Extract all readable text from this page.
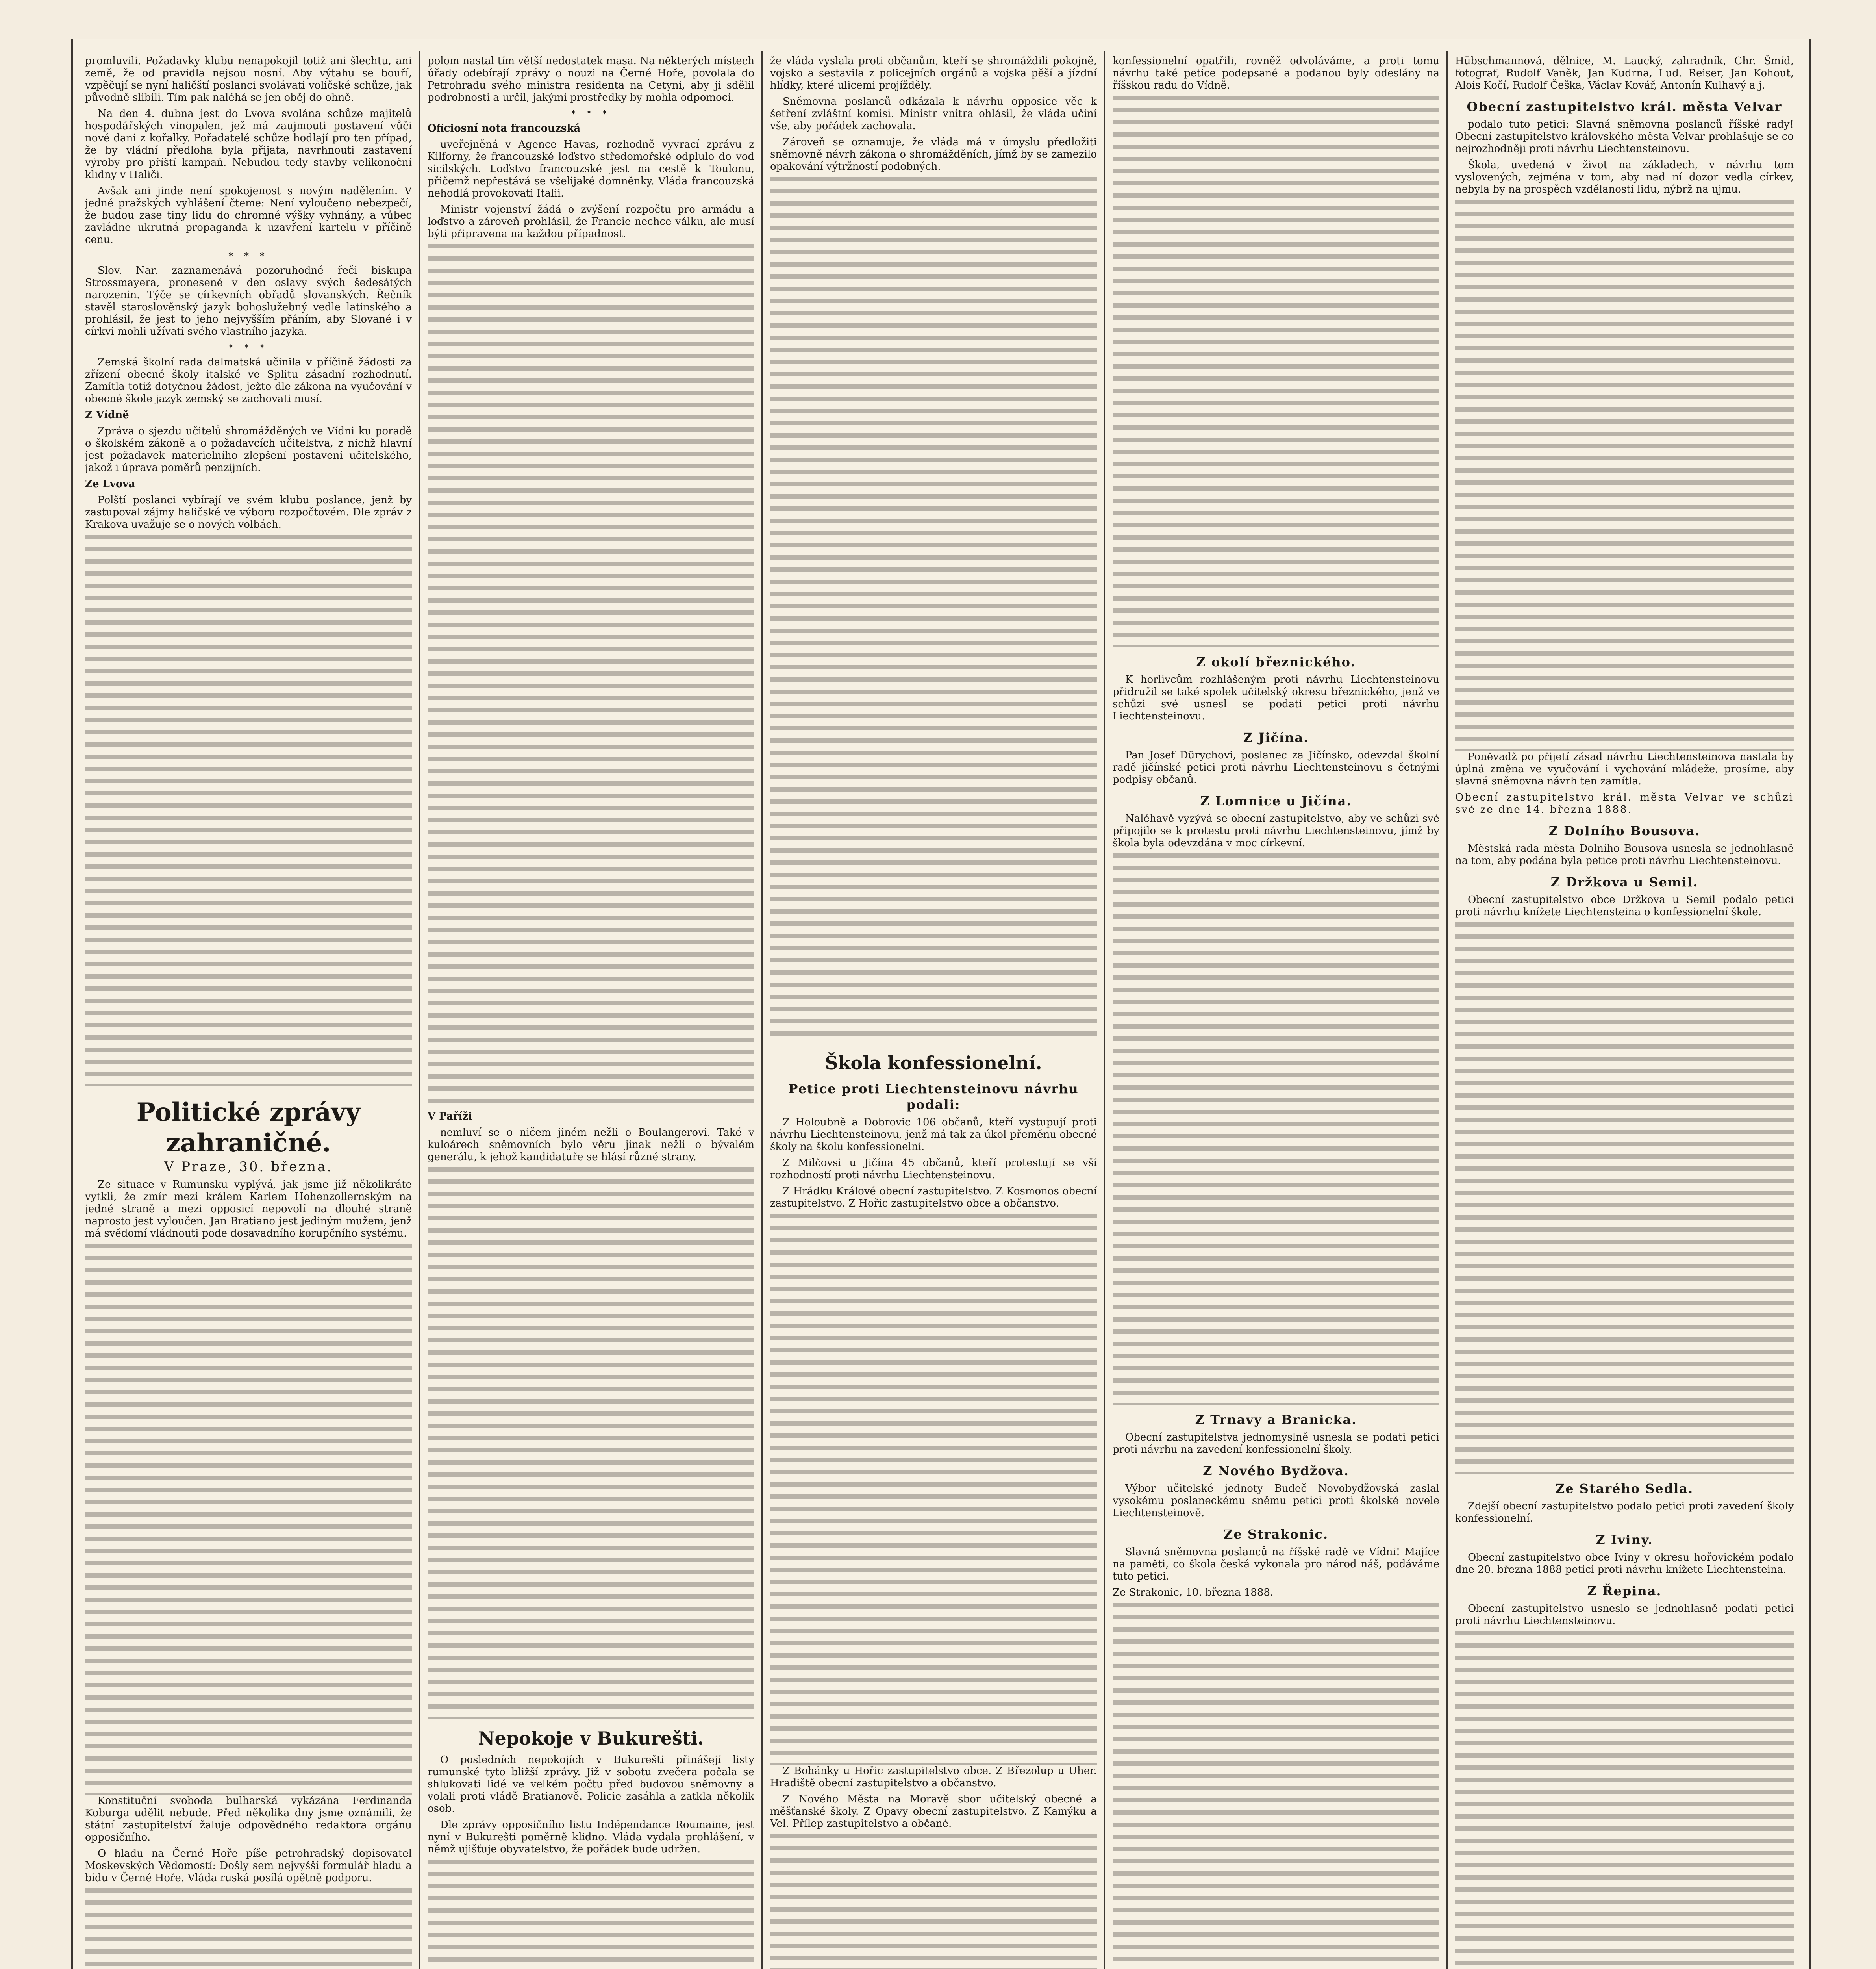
promluvili. Požadavky klubu nenapokojil totiž ani šlechtu, ani země, že od pravidla nejsou nosní. Aby výtahu se bouří, vzpěčují se nyní haličští poslanci svolávati voličské schůze, jak původně slibili. Tím pak naléhá se jen oběj do ohně.

Na den 4. dubna jest do Lvova svolána schůze majitelů hospodářských vinopalen, jež má zaujmouti postavení vůči nové dani z kořalky. Pořadatelé schůze hodlají pro ten případ, že by vládní předloha byla přijata, navrhnouti zastavení výroby pro příští kampaň. Nebudou tedy stavby velikonoční klidny v Haliči.

Avšak ani jinde není spokojenost s novým nadělením. V jedné pražských vyhlášení čteme: Není vyloučeno nebezpečí, že budou zase tiny lidu do chromné výšky vyhnány, a vůbec zavládne ukrutná propaganda k uzavření kartelu v příčině cenu.

* * *

Slov. Nar. zaznamenává pozoruhodné řeči biskupa Strossmayera, pronesené v den oslavy svých šedesátých narozenin. Týče se církevních obřadů slovanských. Řečník stavěl staroslověnský jazyk bohoslužebný vedle latinského a prohlásil, že jest to jeho nejvyšším přáním, aby Slované i v církvi mohli užívati svého vlastního jazyka.

* * *

Zemská školní rada dalmatská učinila v příčině žádosti za zřízení obecné školy italské ve Splitu zásadní rozhodnutí. Zamítla totiž dotyčnou žádost, ježto dle zákona na vyučování v obecné škole jazyk zemský se zachovati musí.

Z Vídně

Zpráva o sjezdu učitelů shromážděných ve Vídni ku poradě o školském zákoně a o požadavcích učitelstva, z nichž hlavní jest požadavek materielního zlepšení postavení učitelského, jakož i úprava poměrů penzijních.

Ze Lvova

Polští poslanci vybírají ve svém klubu poslance, jenž by zastupoval zájmy haličské ve výboru rozpočtovém. Dle zpráv z Krakova uvažuje se o nových volbách.

Politické zprávy zahraničné.
V Praze, 30. března.

Ze situace v Rumunsku vyplývá, jak jsme již několikráte vytkli, že zmír mezi králem Karlem Hohenzollernským na jedné straně a mezi opposicí nepovolí na dlouhé straně naprosto jest vyloučen. Jan Bratiano jest jediným mužem, jenž má svědomí vládnouti pode dosavadního korupčního systému.

Konstituční svoboda bulharská vykázána Ferdinanda Koburga udělit nebude. Před několika dny jsme oznámili, že státní zastupitelství žaluje odpovědného redaktora orgánu opposičního.

O hladu na Černé Hoře píše petrohradský dopisovatel Moskevských Vědomostí: Došly sem nejvyšší formulář hladu a bídu v Černé Hoře. Vláda ruská posílá opětně podporu.

polom nastal tím větší nedostatek masa. Na některých místech úřady odebírají zprávy o nouzi na Černé Hoře, povolala do Petrohradu svého ministra residenta na Cetyni, aby ji sdělil podrobnosti a určil, jakými prostředky by mohla odpomoci.

* * *

Oficiosní nota francouzská

uveřejněná v Agence Havas, rozhodně vyvrací zprávu z Kilforny, že francouzské loďstvo středomořské odplulo do vod sicilských. Loďstvo francouzské jest na cestě k Toulonu, přičemž nepřestává se všelijaké domněnky. Vláda francouzská nehodlá provokovati Italii.

Ministr vojenství žádá o zvýšení rozpočtu pro armádu a loďstvo a zároveň prohlásil, že Francie nechce válku, ale musí býti připravena na každou případnost.

V Paříži

nemluví se o ničem jiném nežli o Boulangerovi. Také v kuloárech sněmovních bylo věru jinak nežli o bývalém generálu, k jehož kandidatuře se hlásí různé strany.

Nepokoje v Bukurešti.

O posledních nepokojích v Bukurešti přinášejí listy rumunské tyto bližší zprávy. Již v sobotu zvečera počala se shlukovati lidé ve velkém počtu před budovou sněmovny a volali proti vládě Bratianově. Policie zasáhla a zatkla několik osob.

Dle zprávy opposičního listu Indépendance Roumaine, jest nyní v Bukurešti poměrně klidno. Vláda vydala prohlášení, v němž ujišťuje obyvatelstvo, že pořádek bude udržen.

že vláda vyslala proti občanům, kteří se shromáždili pokojně, vojsko a sestavila z policejních orgánů a vojska pěší a jízdní hlídky, které ulicemi projížděly.

Sněmovna poslanců odkázala k návrhu opposice věc k šetření zvláštní komisi. Ministr vnitra ohlásil, že vláda učiní vše, aby pořádek zachovala.

Zároveň se oznamuje, že vláda má v úmyslu předložiti sněmovně návrh zákona o shromážděních, jímž by se zamezilo opakování výtržností podobných.

Škola konfessionelní.
Petice proti Liechtensteinovu návrhu podali:

Z Holoubně a Dobrovic 106 občanů, kteří vystupují proti návrhu Liechtensteinovu, jenž má tak za úkol přeměnu obecné školy na školu konfessionelní.

Z Milčovsi u Jičína 45 občanů, kteří protestují se vší rozhodností proti návrhu Liechtensteinovu.

Z Hrádku Králové obecní zastupitelstvo. Z Kosmonos obecní zastupitelstvo. Z Hořic zastupitelstvo obce a občanstvo.

Z Bohánky u Hořic zastupitelstvo obce. Z Březolup u Uher. Hradiště obecní zastupitelstvo a občanstvo.

Z Nového Města na Moravě sbor učitelský obecné a měšťanské školy. Z Opavy obecní zastupitelstvo. Z Kamýku a Vel. Přílep zastupitelstvo a občané.

konfessionelní opatřili, rovněž odvoláváme, a proti tomu návrhu také petice podepsané a podanou byly odeslány na říšskou radu do Vídně.

Z okolí březnického.

K horlivcům rozhlášeným proti návrhu Liechtensteinovu přidružil se také spolek učitelský okresu březnického, jenž ve schůzi své usnesl se podati petici proti návrhu Liechtensteinovu.

Z Jičína.

Pan Josef Dürychovi, poslanec za Jičínsko, odevzdal školní radě jičínské petici proti návrhu Liechtensteinovu s četnými podpisy občanů.

Z Lomnice u Jičína.

Naléhavě vyzývá se obecní zastupitelstvo, aby ve schůzi své připojilo se k protestu proti návrhu Liechtensteinovu, jímž by škola byla odevzdána v moc církevní.

Z Trnavy a Branicka.

Obecní zastupitelstva jednomyslně usnesla se podati petici proti návrhu na zavedení konfessionelní školy.

Z Nového Bydžova.

Výbor učitelské jednoty Budeč Novobydžovská zaslal vysokému poslaneckému sněmu petici proti školské novele Liechtensteinově.

Ze Strakonic.

Slavná sněmovna poslanců na říšské radě ve Vídni! Majíce na paměti, co škola česká vykonala pro národ náš, podáváme tuto petici.

Ze Strakonic, 10. března 1888.

Hübschmannová, dělnice, M. Laucký, zahradník, Chr. Šmíd, fotograf, Rudolf Vaněk, Jan Kudrna, Lud. Reiser, Jan Kohout, Alois Kočí, Rudolf Češka, Václav Kovář, Antonín Kulhavý a j.

Obecní zastupitelstvo král. města Velvar

podalo tuto petici: Slavná sněmovna poslanců říšské rady! Obecní zastupitelstvo královského města Velvar prohlašuje se co nejrozhodněji proti návrhu Liechtensteinovu.

Škola, uvedená v život na základech, v návrhu tom vyslovených, zejména v tom, aby nad ní dozor vedla církev, nebyla by na prospěch vzdělanosti lidu, nýbrž na ujmu.

Poněvadž po přijetí zásad návrhu Liechtensteinova nastala by úplná změna ve vyučování i vychování mládeže, prosíme, aby slavná sněmovna návrh ten zamítla.

Obecní zastupitelstvo král. města Velvar ve schůzi své ze dne 14. března 1888.

Z Dolního Bousova.

Městská rada města Dolního Bousova usnesla se jednohlasně na tom, aby podána byla petice proti návrhu Liechtensteinovu.

Z Držkova u Semil.

Obecní zastupitelstvo obce Držkova u Semil podalo petici proti návrhu knížete Liechtensteina o konfessionelní škole.

Ze Starého Sedla.

Zdejší obecní zastupitelstvo podalo petici proti zavedení školy konfessionelní.

Z Iviny.

Obecní zastupitelstvo obce Iviny v okresu hořovickém podalo dne 20. března 1888 petici proti návrhu knížete Liechtensteina.

Z Řepina.

Obecní zastupitelstvo usneslo se jednohlasně podati petici proti návrhu Liechtensteinovu.
